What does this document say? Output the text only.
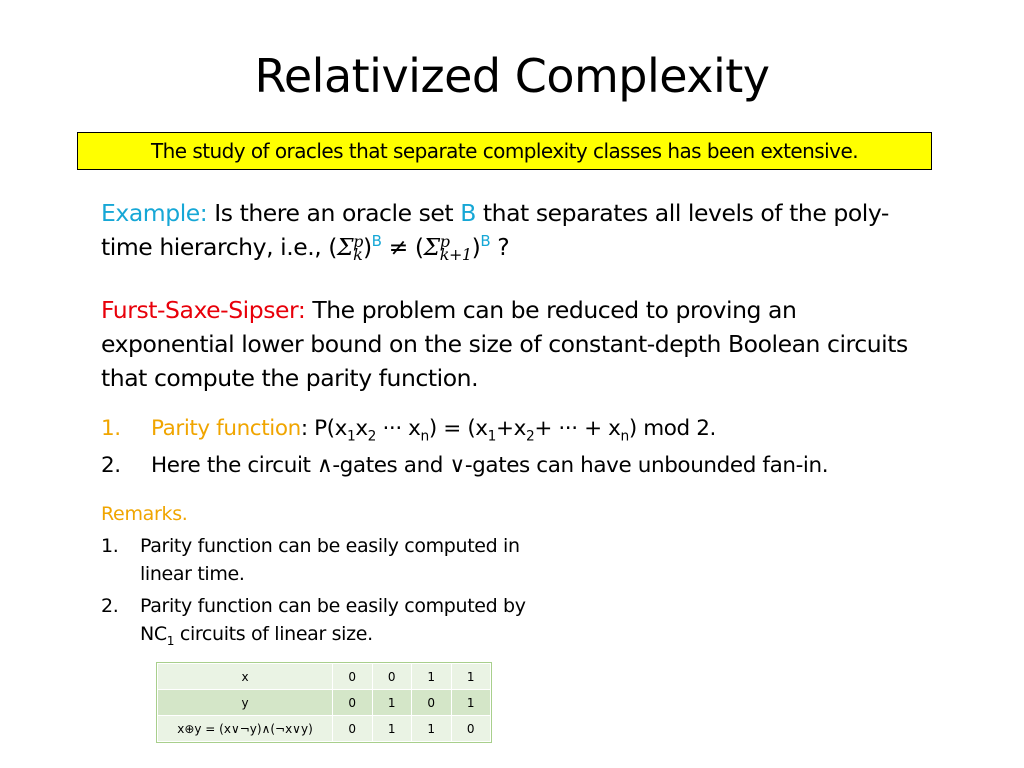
Relativized Complexity
The study of oracles that separate complexity classes has been extensive.
Example: Is there an oracle set B that separates all levels of the poly-time hierarchy, i.e., (Σ p
k )$^B$ ≠ (Σ p
k+1 )$^B$ ?
Furst-Saxe-Sipser: The problem can be reduced to proving an exponential lower bound on the size of constant-depth Boolean circuits that compute the parity function.
1. Parity function: $P(x_1x_2$ ··· $x_n) = (x_1+x_2+$ ··· + $x_n$) mod 2.
2. Here the circuit ∧-gates and ∨-gates can have unbounded fan-in.
Remarks.
1. Parity function can be easily computed in linear time.
2. Parity function can be easily computed by $NC_1$ circuits of linear size.
x	0	0	1	1
y	0	1	0	1
x⊕y = (x∨¬y)∧(¬x∨y)	0	1	1	0
